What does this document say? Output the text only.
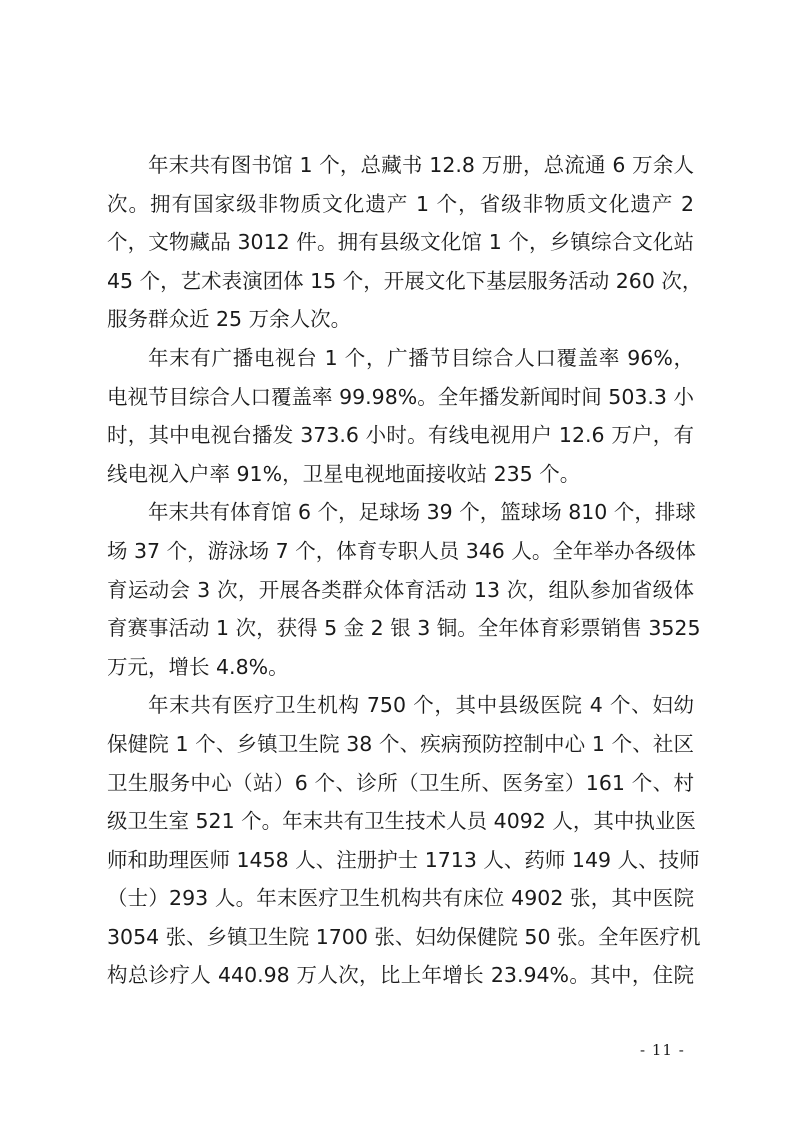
年末共有图书馆 1 个，总藏书 12.8 万册，总流通 6 万余人
次。拥有国家级非物质文化遗产 1 个，省级非物质文化遗产 2
个，文物藏品 3012 件。拥有县级文化馆 1 个，乡镇综合文化站
45 个，艺术表演团体 15 个，开展文化下基层服务活动 260 次，
服务群众近 25 万余人次。
年末有广播电视台 1 个，广播节目综合人口覆盖率 96%，
电视节目综合人口覆盖率 99.98%。全年播发新闻时间 503.3 小
时，其中电视台播发 373.6 小时。有线电视用户 12.6 万户，有
线电视入户率 91%，卫星电视地面接收站 235 个。
年末共有体育馆 6 个，足球场 39 个，篮球场 810 个，排球
场 37 个，游泳场 7 个，体育专职人员 346 人。全年举办各级体
育运动会 3 次，开展各类群众体育活动 13 次，组队参加省级体
育赛事活动 1 次，获得 5 金 2 银 3 铜。全年体育彩票销售 3525
万元，增长 4.8%。
年末共有医疗卫生机构 750 个，其中县级医院 4 个、妇幼
保健院 1 个、乡镇卫生院 38 个、疾病预防控制中心 1 个、社区
卫生服务中心（站）6 个、诊所（卫生所、医务室）161 个、村
级卫生室 521 个。年末共有卫生技术人员 4092 人，其中执业医
师和助理医师 1458 人、注册护士 1713 人、药师 149 人、技师
（士）293 人。年末医疗卫生机构共有床位 4902 张，其中医院
3054 张、乡镇卫生院 1700 张、妇幼保健院 50 张。全年医疗机
构总诊疗人 440.98 万人次，比上年增长 23.94%。其中，住院
- 11 -
